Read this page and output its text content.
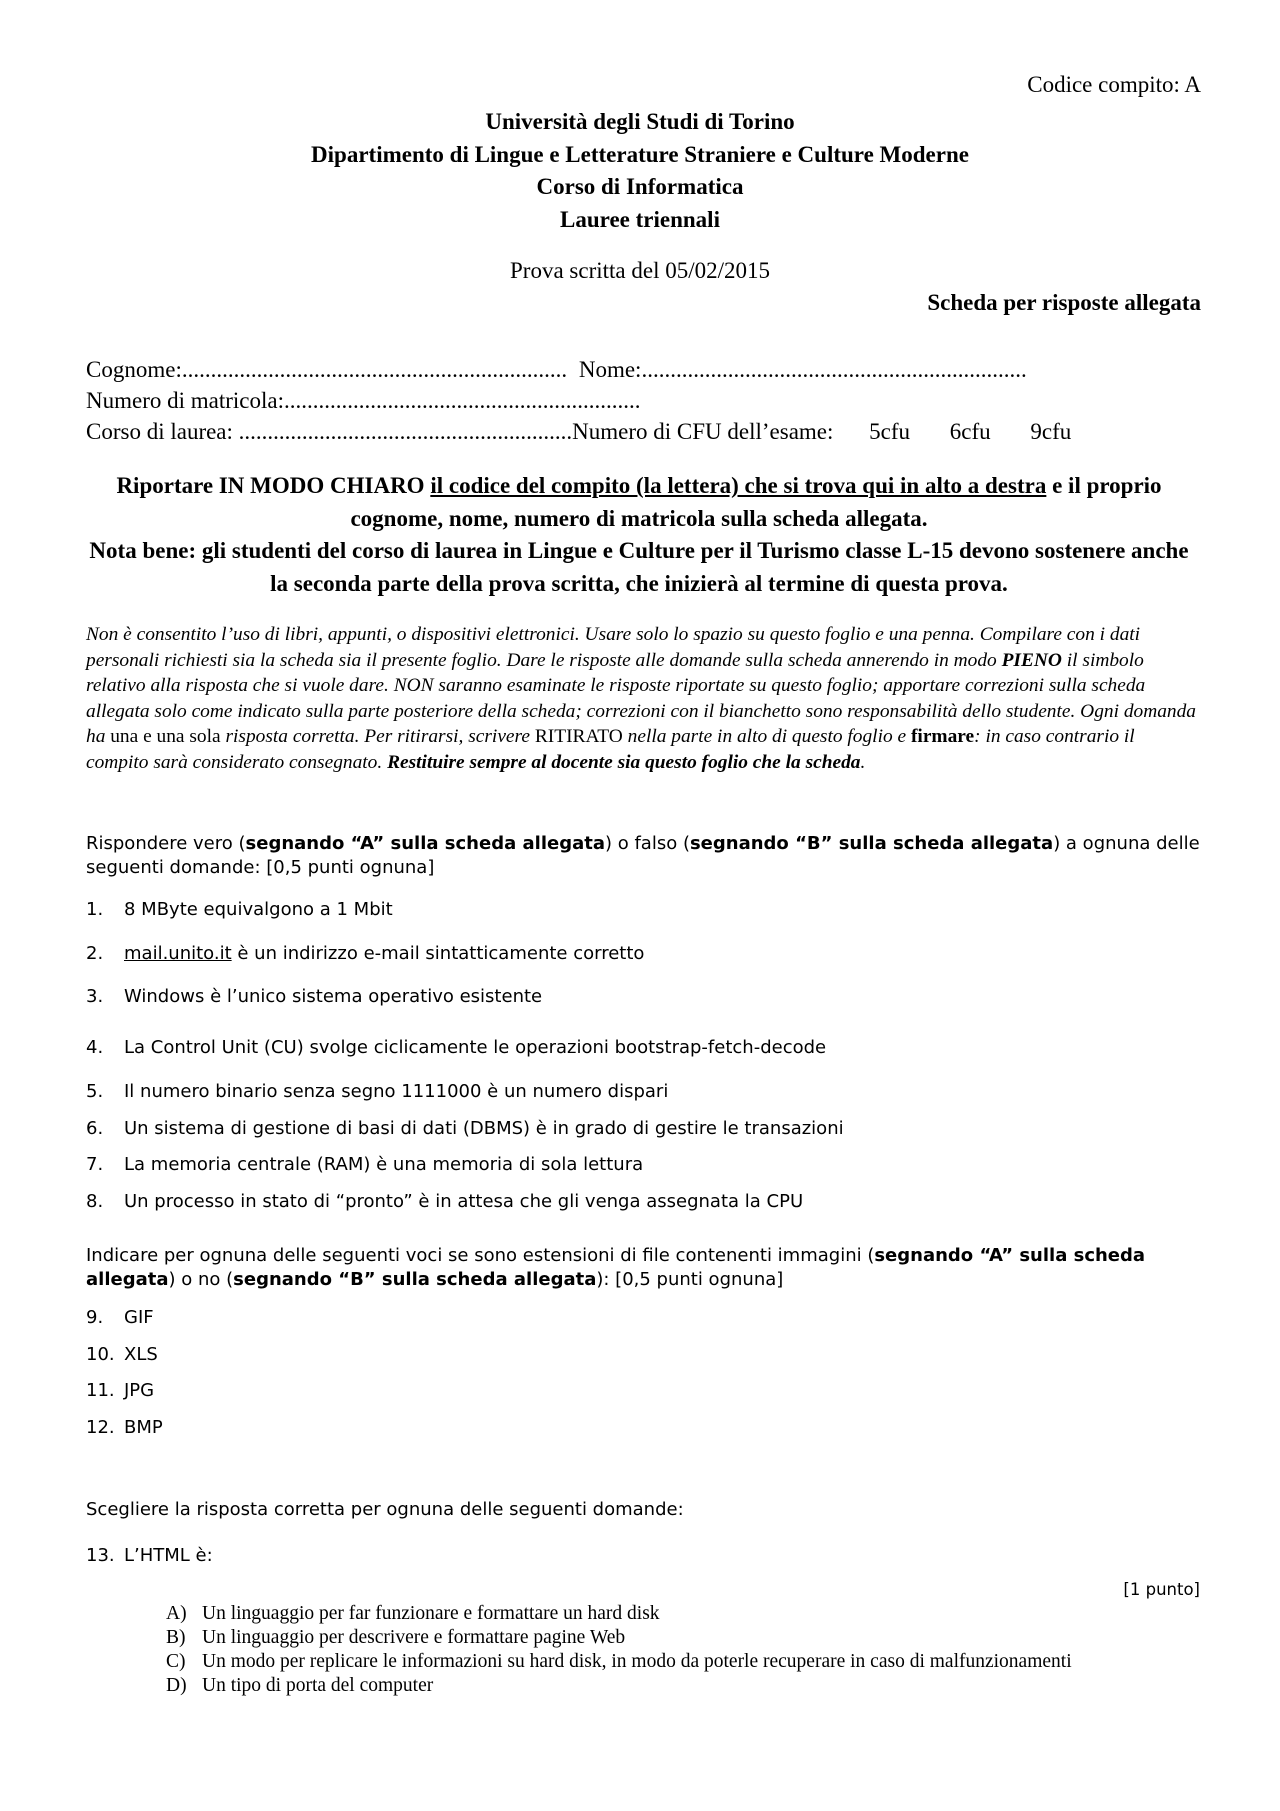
Codice compito: A
Università degli Studi di Torino
Dipartimento di Lingue e Letterature Straniere e Culture Moderne
Corso di Informatica
Lauree triennali
Prova scritta del 05/02/2015
Scheda per risposte allegata
Cognome:................................................................... Nome:...................................................................
Numero di matricola:..............................................................
Corso di laurea: ..........................................................Numero di CFU dell’esame: 5cfu 6cfu 9cfu
Riportare IN MODO CHIARO il codice del compito (la lettera) che si trova qui in alto a destra e il proprio cognome, nome, numero di matricola sulla scheda allegata.
Nota bene: gli studenti del corso di laurea in Lingue e Culture per il Turismo classe L-15 devono sostenere anche la seconda parte della prova scritta, che inizierà al termine di questa prova.
Non è consentito l’uso di libri, appunti, o dispositivi elettronici. Usare solo lo spazio su questo foglio e una penna. Compilare con i dati personali richiesti sia la scheda sia il presente foglio. Dare le risposte alle domande sulla scheda annerendo in modo PIENO il simbolo relativo alla risposta che si vuole dare. NON saranno esaminate le risposte riportate su questo foglio; apportare correzioni sulla scheda allegata solo come indicato sulla parte posteriore della scheda; correzioni con il bianchetto sono responsabilità dello studente. Ogni domanda ha una e una sola risposta corretta. Per ritirarsi, scrivere RITIRATO nella parte in alto di questo foglio e firmare: in caso contrario il compito sarà considerato consegnato. Restituire sempre al docente sia questo foglio che la scheda.
Rispondere vero (segnando “A” sulla scheda allegata) o falso (segnando “B” sulla scheda allegata) a ognuna delle seguenti domande: [0,5 punti ognuna]
1. 8 MByte equivalgono a 1 Mbit
2. mail.unito.it è un indirizzo e-mail sintatticamente corretto
3. Windows è l’unico sistema operativo esistente
4. La Control Unit (CU) svolge ciclicamente le operazioni bootstrap-fetch-decode
5. Il numero binario senza segno 1111000 è un numero dispari
6. Un sistema di gestione di basi di dati (DBMS) è in grado di gestire le transazioni
7. La memoria centrale (RAM) è una memoria di sola lettura
8. Un processo in stato di “pronto” è in attesa che gli venga assegnata la CPU
Indicare per ognuna delle seguenti voci se sono estensioni di file contenenti immagini (segnando “A” sulla scheda allegata) o no (segnando “B” sulla scheda allegata): [0,5 punti ognuna]
9. GIF
10. XLS
11. JPG
12. BMP
Scegliere la risposta corretta per ognuna delle seguenti domande:
13. L’HTML è:
[1 punto]
A) Un linguaggio per far funzionare e formattare un hard disk
B) Un linguaggio per descrivere e formattare pagine Web
C) Un modo per replicare le informazioni su hard disk, in modo da poterle recuperare in caso di malfunzionamenti
D) Un tipo di porta del computer
